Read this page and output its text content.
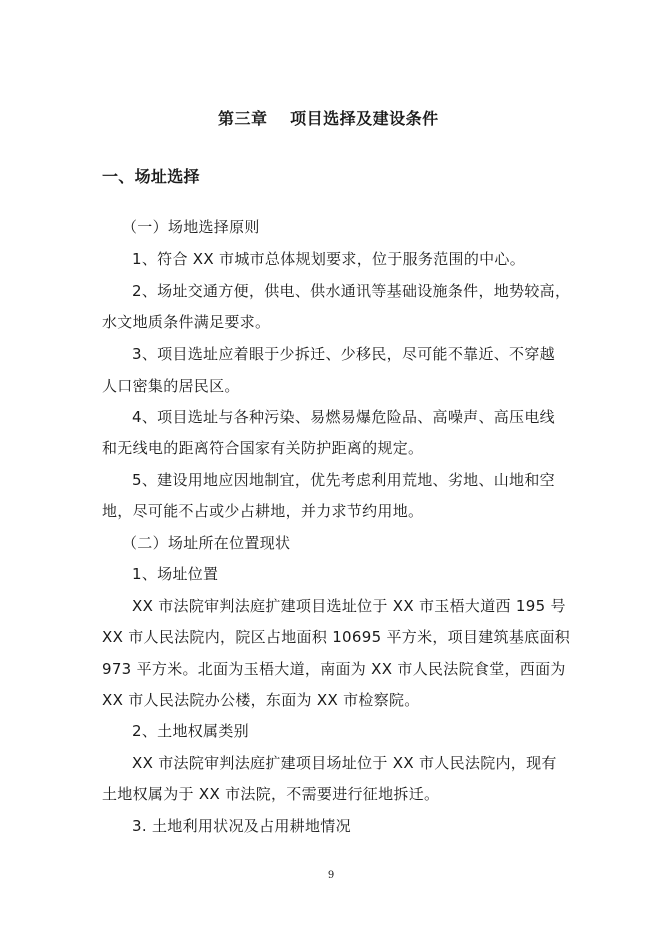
第三章　 项目选择及建设条件
一、场址选择
（一）场地选择原则
1、符合 XX 市城市总体规划要求，位于服务范围的中心。
2、场址交通方便，供电、供水通讯等基础设施条件，地势较高，
水文地质条件满足要求。
3、项目选址应着眼于少拆迁、少移民，尽可能不靠近、不穿越
人口密集的居民区。
4、项目选址与各种污染、易燃易爆危险品、高噪声、高压电线
和无线电的距离符合国家有关防护距离的规定。
5、建设用地应因地制宜，优先考虑利用荒地、劣地、山地和空
地，尽可能不占或少占耕地，并力求节约用地。
（二）场址所在位置现状
1、场址位置
XX 市法院审判法庭扩建项目选址位于 XX 市玉梧大道西 195 号
XX 市人民法院内，院区占地面积 10695 平方米，项目建筑基底面积
973 平方米。北面为玉梧大道，南面为 XX 市人民法院食堂，西面为
XX 市人民法院办公楼，东面为 XX 市检察院。
2、土地权属类别
XX 市法院审判法庭扩建项目场址位于 XX 市人民法院内，现有
土地权属为于 XX 市法院，不需要进行征地拆迁。
3. 土地利用状况及占用耕地情况
9
